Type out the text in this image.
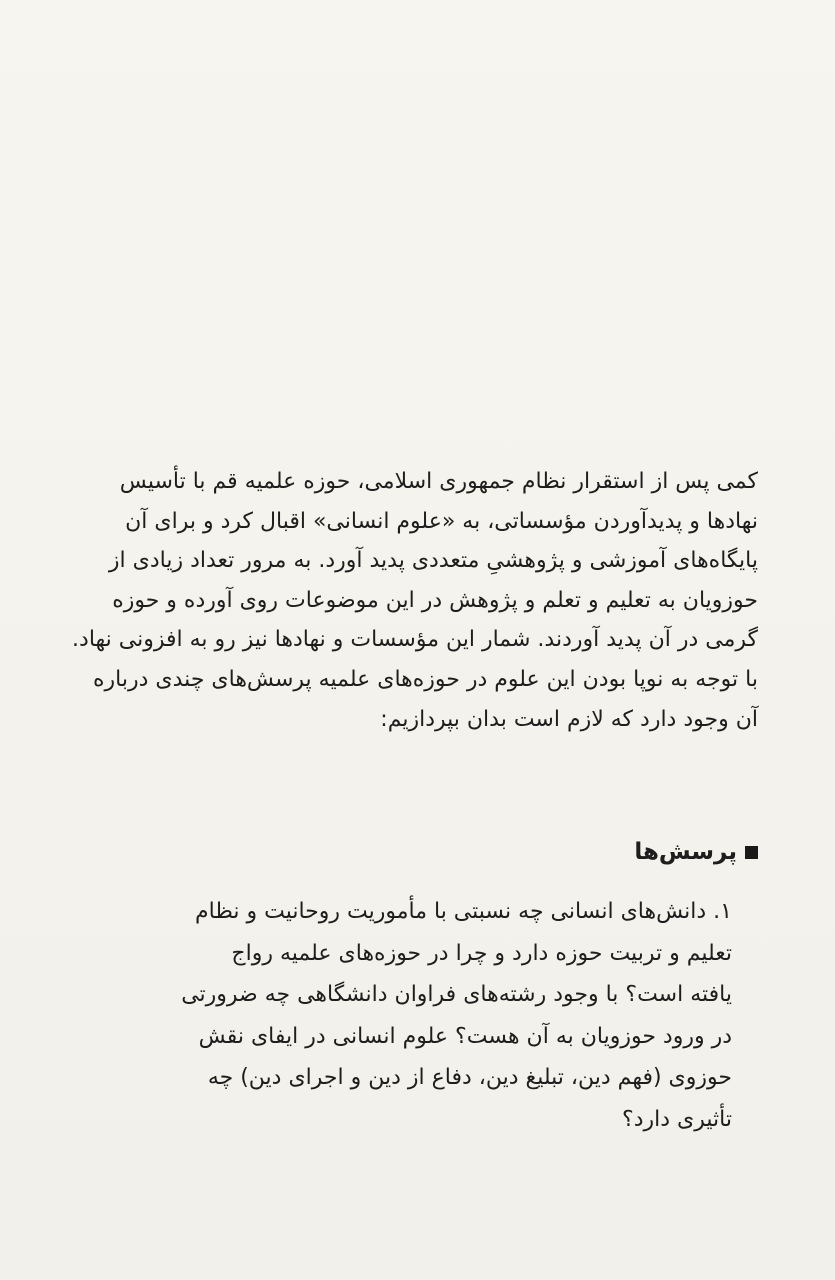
کمی پس از استقرار نظام جمهوری اسلامی، حوزه علمیه قم با تأسیس
نهادها و پدیدآوردن مؤسساتی، به «علوم انسانی» اقبال کرد و برای آن
پایگاه‌های آموزشی و پژوهشیِ متعددی پدید آورد. به مرور تعداد زیادی از
حوزویان به تعلیم و تعلم و پژوهش در این موضوعات روی آورده و حوزه
گرمی در آن پدید آوردند. شمار این مؤسسات و نهادها نیز رو به افزونی نهاد.
با توجه به نوپا بودن این علوم در حوزه‌های علمیه پرسش‌های چندی درباره
آن وجود دارد که لازم است بدان بپردازیم:
پرسش‌ها
۱. دانش‌های انسانی چه نسبتی با مأموریت روحانیت و نظام
تعلیم و تربیت حوزه دارد و چرا در حوزه‌های علمیه رواج
یافته است؟ با وجود رشته‌های فراوان دانشگاهی چه ضرورتی
در ورود حوزویان به آن هست؟ علوم انسانی در ایفای نقش
حوزوی (فهم دین، تبلیغ دین، دفاع از دین و اجرای دین) چه
تأثیری دارد؟
